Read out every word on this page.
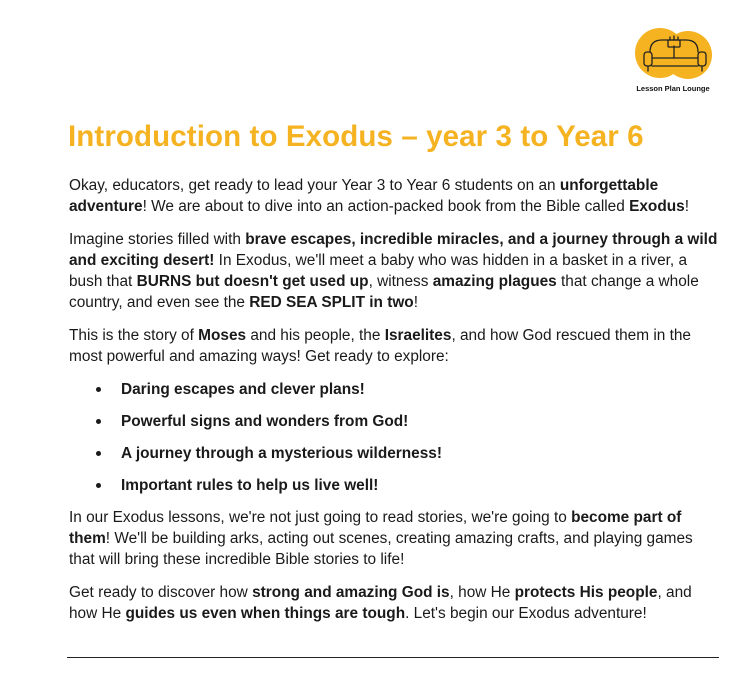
Lesson Plan Lounge
Introduction to Exodus – year 3 to Year 6

Okay, educators, get ready to lead your Year 3 to Year 6 students on an unforgettable adventure! We are about to dive into an action-packed book from the Bible called Exodus!

Imagine stories filled with brave escapes, incredible miracles, and a journey through a wild and exciting desert! In Exodus, we'll meet a baby who was hidden in a basket in a river, a bush that BURNS but doesn't get used up, witness amazing plagues that change a whole country, and even see the RED SEA SPLIT in two!

This is the story of Moses and his people, the Israelites, and how God rescued them in the most powerful and amazing ways! Get ready to explore:

Daring escapes and clever plans!
Powerful signs and wonders from God!
A journey through a mysterious wilderness!
Important rules to help us live well!

In our Exodus lessons, we're not just going to read stories, we're going to become part of them! We'll be building arks, acting out scenes, creating amazing crafts, and playing games that will bring these incredible Bible stories to life!

Get ready to discover how strong and amazing God is, how He protects His people, and how He guides us even when things are tough. Let's begin our Exodus adventure!
